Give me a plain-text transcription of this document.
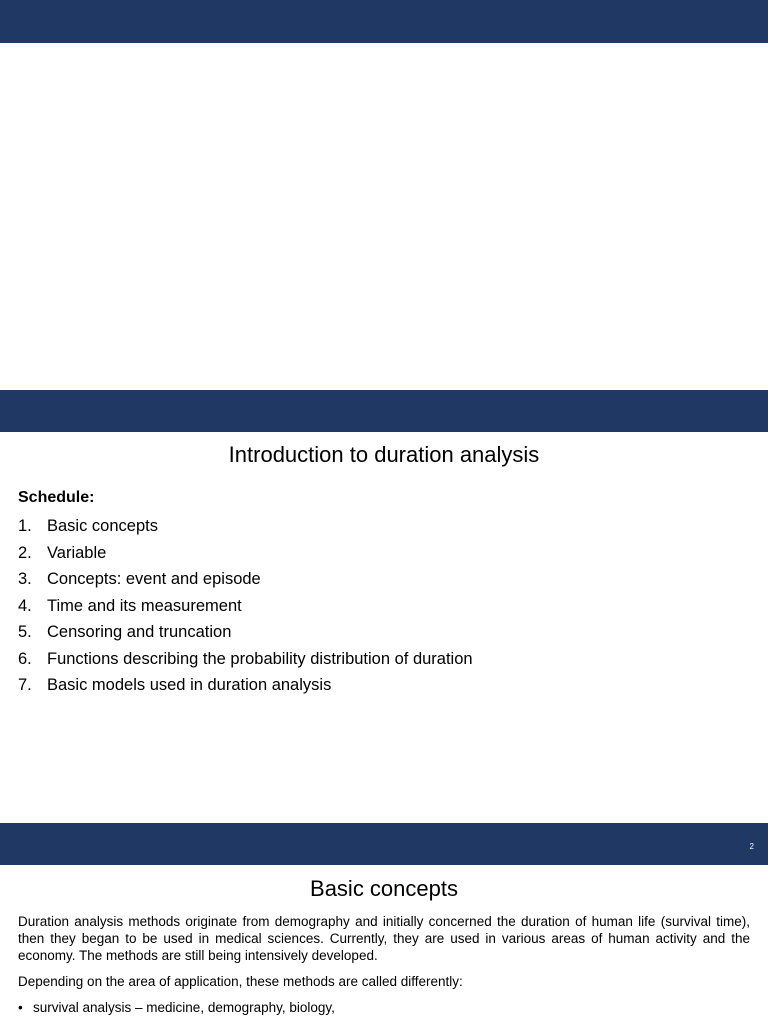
Introduction to duration analysis
Schedule:
1. Basic concepts
2. Variable
3. Concepts: event and episode
4. Time and its measurement
5. Censoring and truncation
6. Functions describing the probability distribution of duration
7. Basic models used in duration analysis
2
Basic concepts
Duration analysis methods originate from demography and initially concerned the duration of human life (survival time), then they began to be used in medical sciences. Currently, they are used in various areas of human activity and the economy. The methods are still being intensively developed.
Depending on the area of application, these methods are called differently:
• survival analysis – medicine, demography, biology,
